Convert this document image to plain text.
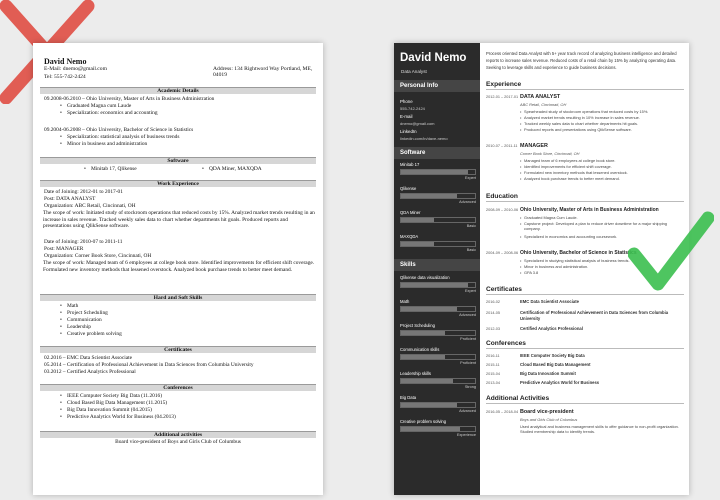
David Nemo
E-Mail: dnemo@gmail.com
Tel: 555-742-2424
Address: 134 Rightword Way Portland, ME, 04019
Academic Details
09.2008-06.2010 – Ohio University, Master of Arts in Business Administration
• Graduated Magna cum Laude
• Specialization: economics and accounting
09.2004-06.2008 – Ohio University, Bachelor of Science in Statistics
• Specialization: statistical analysis of business trends
• Minor in business and administration
Software
• Minitab 17, Qlikense
•	QDA Miner, MAXQDA
Work Experience
Date of Joining: 2012-01 to 2017-01
Post: DATA ANALYST
Organization: ABC Retail, Cincinnati, OH
The scope of work: Initiated study of stockroom operations that reduced costs by 15%. Analyzed market trends resulting in an increase in sales revenue. Tracked weekly sales data to chart whether departments hit goals. Produced reports and presentations using QlikSense software.
Date of Joining: 2010-07 to 2011-11
Post: MANAGER
Organization: Corner Book Store, Cincinnati, OH
The scope of work: Managed team of 6 employees at college book store. Identified improvements for efficient shift coverage. Formulated new inventory methods that lessened overstock. Analyzed book purchase trends to better meet demand.
Hard and Soft Skills
• Math
• Project Scheduling
• Communication
• Leadership
• Creative problem solving
Certificates
02.2016 – EMC Data Scientist Associate
05.2014 – Certification of Professional Achievement in Data Sciences from Columbia University
03.2012 – Certified Analytics Professional
Conferences
• IEEE Computer Society Big Data (11.2016)
• Cloud Based Big Data Management (11.2015)
• Big Data Innovation Summit (04.2015)
• Predictive Analytics World for Business (04.2013)
Additional activities
Board vice-president of Boys and Girls Club of Columbus
David Nemo
Data Analyst
Personal Info
Phone
555-742-2424
E-mail
dnemo@gmail.com
LinkedIn
linkedin.com/in/dave-nemo
Software
Minitab 17
Expert
Qlikense
Advanced
QDA Miner
Basic
MAXQDA
Basic
Skills
Qlikense data visualization
Expert
Math
Advanced
Project Scheduling
Proficient
Communication skills
Proficient
Leadership skills
Strong
Big Data
Advanced
Creative problem solving
Experience
Process oriented Data Analyst with 5+ year track record of analyzing business intelligence and detailed reports to increase sales revenue. Reduced costs of a retail chain by 15% by analyzing operating data. Seeking to leverage skills and experience to guide business decisions.
Experience
2012-01 – 2017-01 DATA ANALYST
ABC Retail, Cincinnati, OH
• Spearheaded study of stockroom operations that reduced costs by 15%.
• Analyzed market trends resulting in 10% increase in sales revenue.
• Tracked weekly sales data to chart whether departments hit goals.
• Produced reports and presentations using QlikSense software.
2010-07 – 2011-11 MANAGER
Corner Book Store, Cincinnati, OH
• Managed team of 6 employees at college book store.
• Identified improvements for efficient shift coverage.
• Formulated new inventory methods that lessened overstock.
• Analyzed book purchase trends to better meet demand.
Education
2008-09 – 2010-06 Ohio University, Master of Arts in Business Administration
• Graduated Magna Cum Laude.
• Capstone project: Developed a plan to reduce driver downtime for a major shipping company.
• Specialized in economics and accounting coursework.
2004-09 – 2008-06 Ohio University, Bachelor of Science in Statistics
• Specialized in studying statistical analysis of business trends.
• Minor in business and administration.
• GPA 3.8
Certificates
2016-02	EMC Data Scientist Associate
2014-05	Certification of Professional Achievement in Data Sciences from Columbia University
2012-03	Certified Analytics Professional
Conferences
2016-11	IEEE Computer Society Big Data
2015-11	Cloud Based Big Data Management
2015-04	Big Data Innovation Summit
2013-04	Predictive Analytics World for Business
Additional Activities
2016-05 – 2018-04 Board vice-president
Boys and Girls Club of Columbus
Used analytical and business management skills to offer guidance to non-profit organization. Studied membership data to identify trends.
